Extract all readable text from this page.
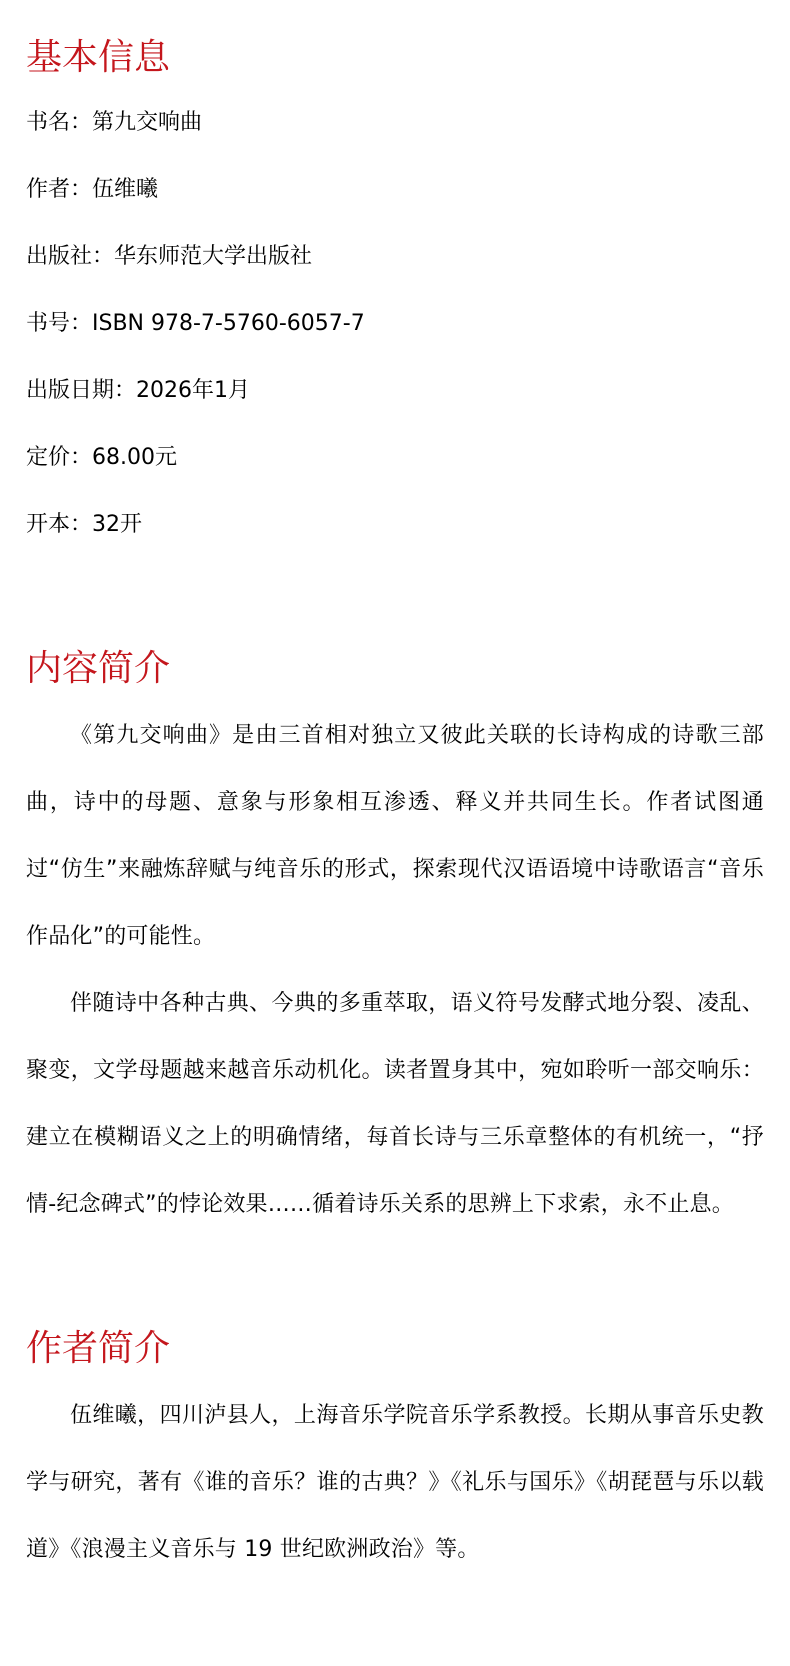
基本信息

书名：第九交响曲

作者：伍维曦

出版社：华东师范大学出版社

书号：ISBN 978-7-5760-6057-7

出版日期：2026年1月

定价：68.00元

开本：32开

内容简介

《第九交响曲》是由三首相对独立又彼此关联的长诗构成的诗歌三部曲，诗中的母题、意象与形象相互渗透、释义并共同生长。作者试图通过“仿生”来融炼辞赋与纯音乐的形式，探索现代汉语语境中诗歌语言“音乐作品化”的可能性。

伴随诗中各种古典、今典的多重萃取，语义符号发酵式地分裂、凌乱、聚变，文学母题越来越音乐动机化。读者置身其中，宛如聆听一部交响乐：建立在模糊语义之上的明确情绪，每首长诗与三乐章整体的有机统一，“抒情-纪念碑式”的悖论效果……循着诗乐关系的思辨上下求索，永不止息。

作者简介

伍维曦，四川泸县人，上海音乐学院音乐学系教授。长期从事音乐史教学与研究，著有《谁的音乐？谁的古典？》《礼乐与国乐》《胡琵琶与乐以载道》《浪漫主义音乐与 19 世纪欧洲政治》等。
